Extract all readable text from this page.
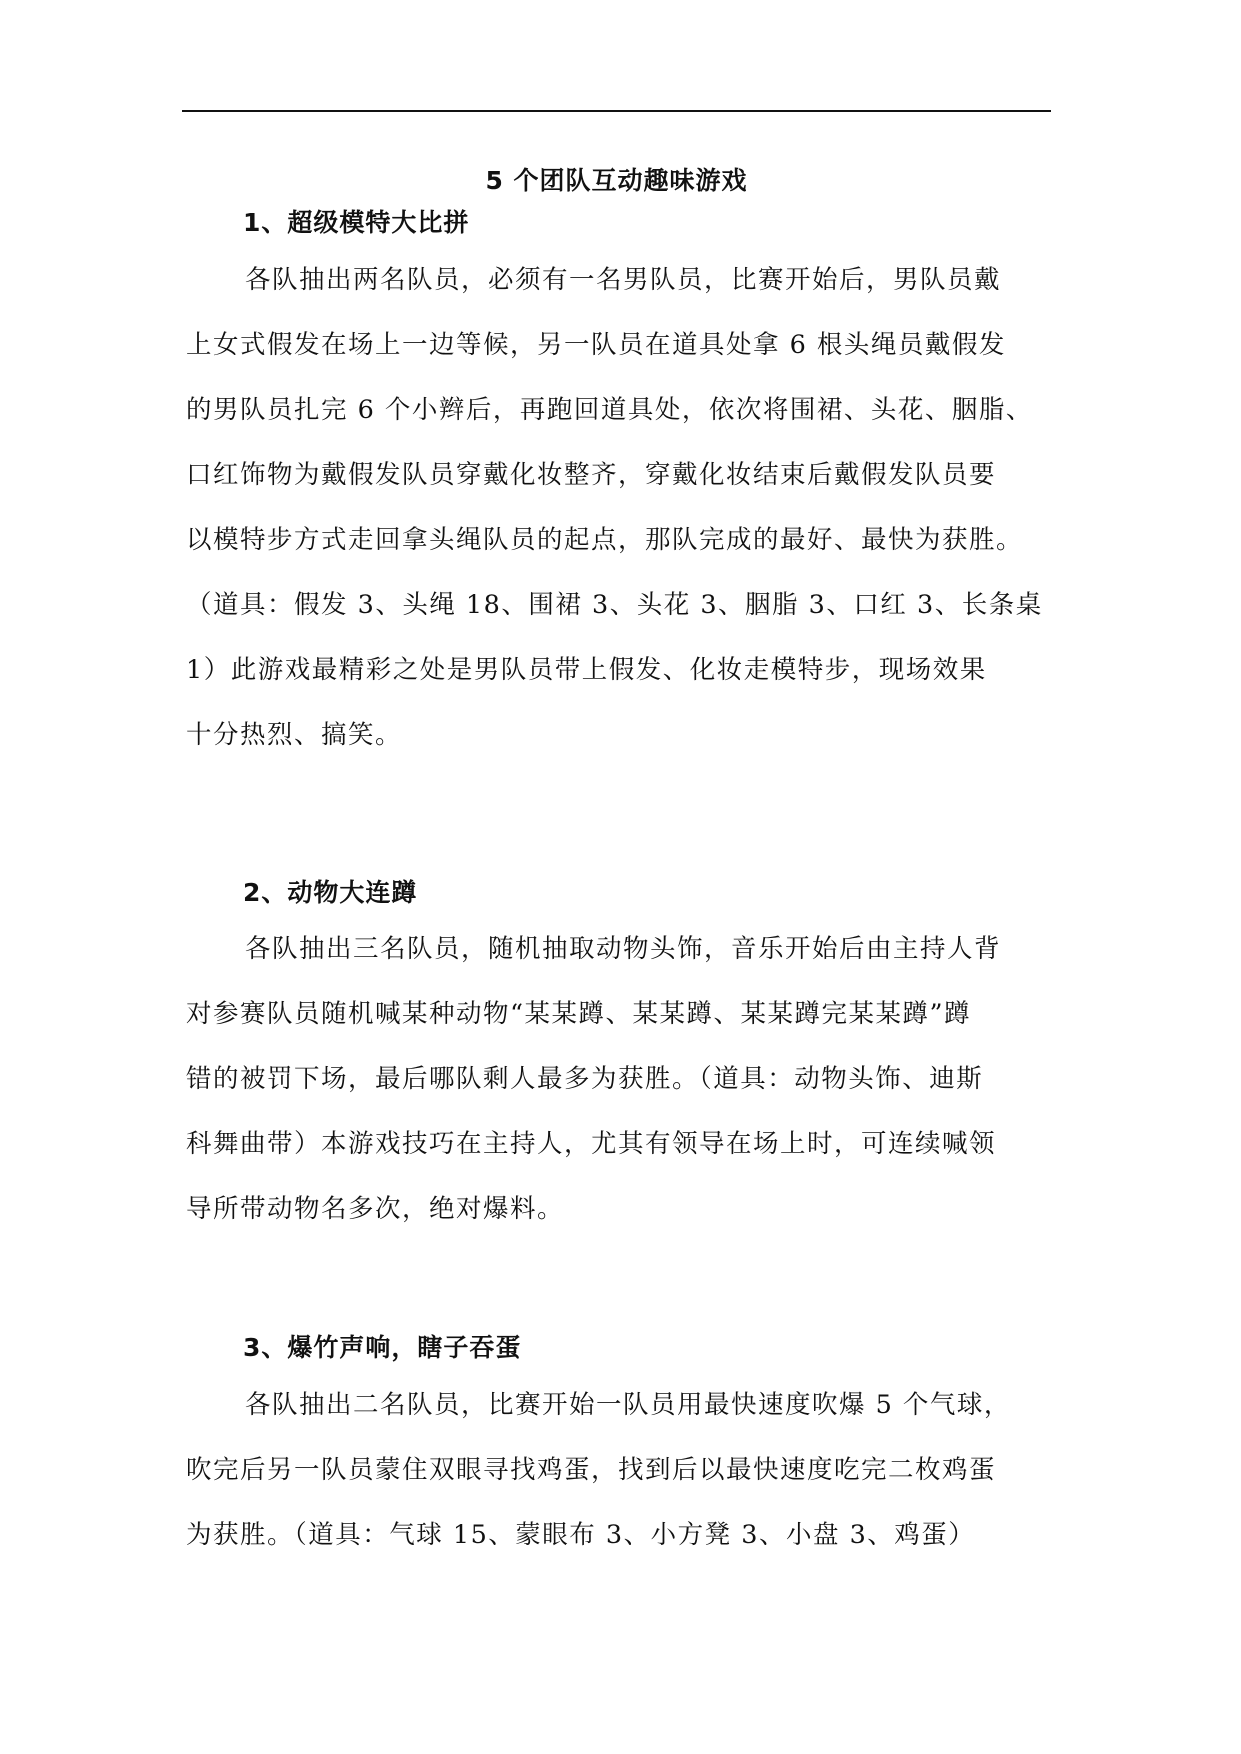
5 个团队互动趣味游戏
1、超级模特大比拼
各队抽出两名队员，必须有一名男队员，比赛开始后，男队员戴
上女式假发在场上一边等候，另一队员在道具处拿 6 根头绳员戴假发
的男队员扎完 6 个小辫后，再跑回道具处，依次将围裙、头花、胭脂、
口红饰物为戴假发队员穿戴化妆整齐，穿戴化妆结束后戴假发队员要
以模特步方式走回拿头绳队员的起点，那队完成的最好、最快为获胜。
（道具：假发 3、头绳 18、围裙 3、头花 3、胭脂 3、口红 3、长条桌
1）此游戏最精彩之处是男队员带上假发、化妆走模特步，现场效果
十分热烈、搞笑。
2、动物大连蹲
各队抽出三名队员，随机抽取动物头饰，音乐开始后由主持人背
对参赛队员随机喊某种动物“某某蹲、某某蹲、某某蹲完某某蹲”蹲
错的被罚下场，最后哪队剩人最多为获胜。（道具：动物头饰、迪斯
科舞曲带）本游戏技巧在主持人，尤其有领导在场上时，可连续喊领
导所带动物名多次，绝对爆料。
3、爆竹声响，瞎子吞蛋
各队抽出二名队员，比赛开始一队员用最快速度吹爆 5 个气球，
吹完后另一队员蒙住双眼寻找鸡蛋，找到后以最快速度吃完二枚鸡蛋
为获胜。（道具：气球 15、蒙眼布 3、小方凳 3、小盘 3、鸡蛋）
